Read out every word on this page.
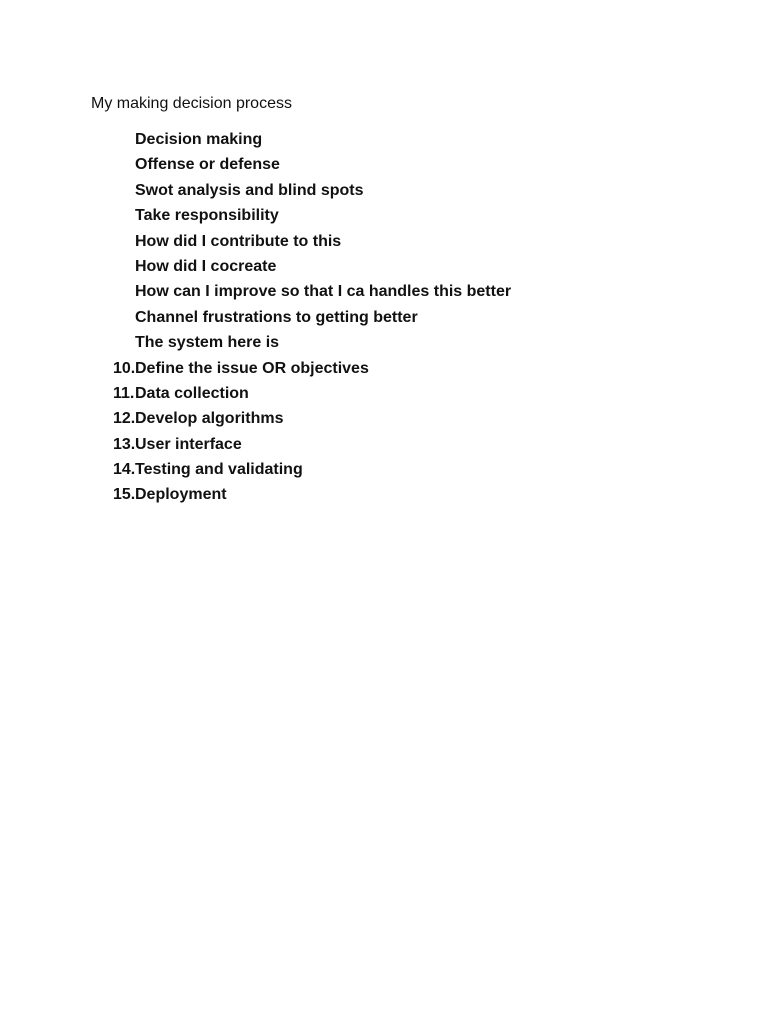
My making decision process
Decision making
Offense or defense
Swot analysis and blind spots
Take responsibility
How did I contribute to this
How did I cocreate
How can I improve so that I ca handles this better
Channel frustrations to getting better
The system here is
10. Define the issue OR objectives
11. Data collection
12. Develop algorithms
13. User interface
14. Testing and validating
15. Deployment
